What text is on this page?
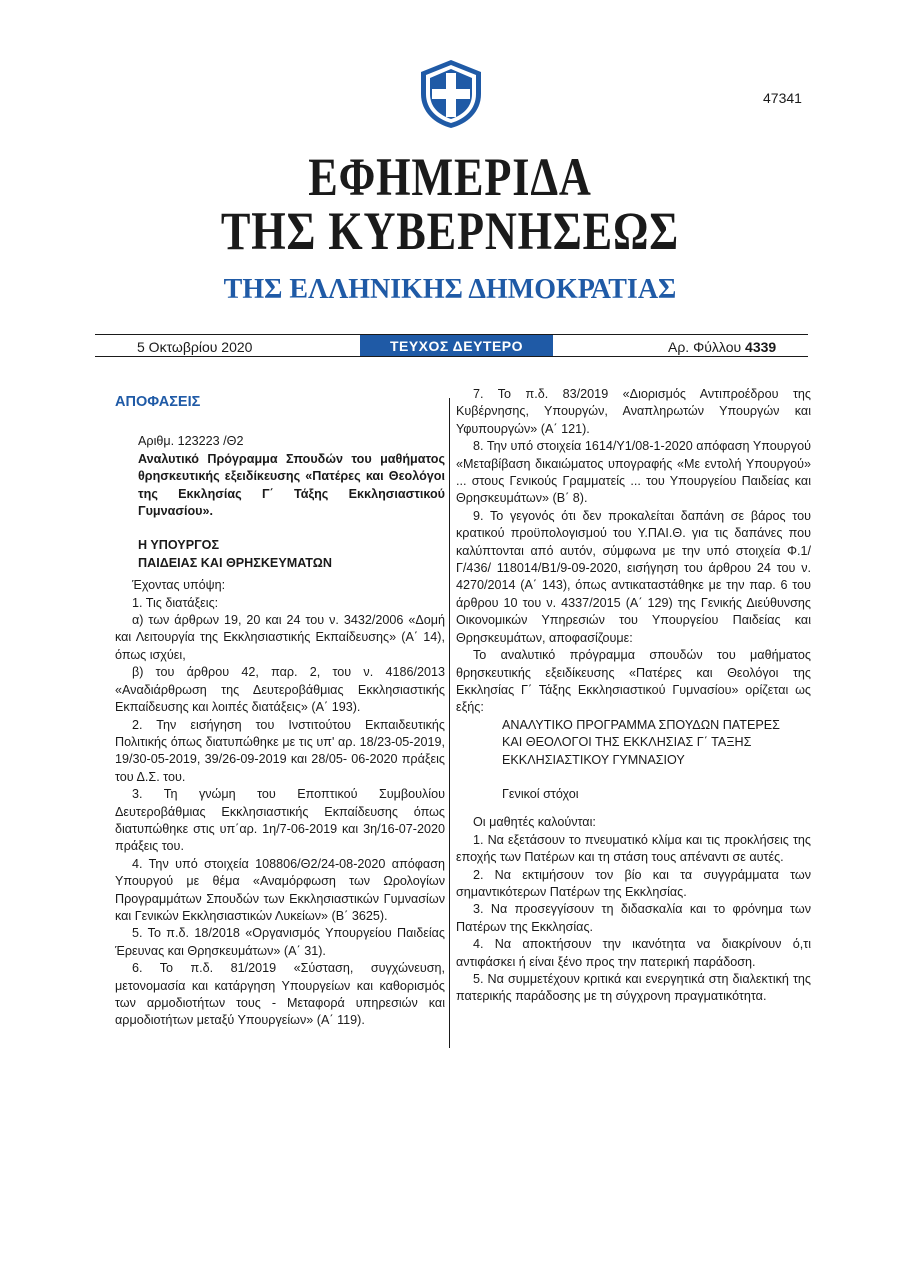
47341
ΕΦΗΜΕΡΙΔΑ
ΤΗΣ ΚΥΒΕΡΝΗΣΕΩΣ
ΤΗΣ ΕΛΛΗΝΙΚΗΣ ΔΗΜΟΚΡΑΤΙΑΣ
5 Οκτωβρίου 2020	ΤΕΥΧΟΣ ΔΕΥΤΕΡΟ	Αρ. Φύλλου 4339

ΑΠΟΦΑΣΕΙΣ

Αριθμ. 123223 /Θ2

Αναλυτικό Πρόγραμμα Σπουδών του μαθήματος θρησκευτικής εξειδίκευσης «Πατέρες και Θεολόγοι της Εκκλησίας Γ΄ Τάξης Εκκλησιαστικού Γυμνασίου».

Η ΥΠΟΥΡΓΟΣ

ΠΑΙΔΕΙΑΣ ΚΑΙ ΘΡΗΣΚΕΥΜΑΤΩΝ

Έχοντας υπόψη:

1. Τις διατάξεις:

α) των άρθρων 19, 20 και 24 του ν. 3432/2006 «Δομή και Λειτουργία της Εκκλησιαστικής Εκπαίδευσης» (Α΄ 14), όπως ισχύει,

β) του άρθρου 42, παρ. 2, του ν. 4186/2013 «Αναδιάρθρωση της Δευτεροβάθμιας Εκκλησιαστικής Εκπαίδευσης και λοιπές διατάξεις» (Α΄ 193).

2. Την εισήγηση του Ινστιτούτου Εκπαιδευτικής Πολιτικής όπως διατυπώθηκε με τις υπ' αρ. 18/23-05-2019, 19/30-05-2019, 39/26-09-2019 και 28/05- 06-2020 πράξεις του Δ.Σ. του.

3. Τη γνώμη του Εποπτικού Συμβουλίου Δευτεροβάθμιας Εκκλησιαστικής Εκπαίδευσης όπως διατυπώθηκε στις υπ΄αρ. 1η/7-06-2019 και 3η/16-07-2020 πράξεις του.

4. Την υπό στοιχεία 108806/Θ2/24-08-2020 απόφαση Υπουργού με θέμα «Αναμόρφωση των Ωρολογίων Προγραμμάτων Σπουδών των Εκκλησιαστικών Γυμνασίων και Γενικών Εκκλησιαστικών Λυκείων» (Β΄ 3625).

5. Το π.δ. 18/2018 «Οργανισμός Υπουργείου Παιδείας Έρευνας και Θρησκευμάτων» (Α΄ 31).

6. Το π.δ. 81/2019 «Σύσταση, συγχώνευση, μετονομασία και κατάργηση Υπουργείων και καθορισμός των αρμοδιοτήτων τους - Μεταφορά υπηρεσιών και αρμοδιοτήτων μεταξύ Υπουργείων» (Α΄ 119).

7. Το π.δ. 83/2019 «Διορισμός Αντιπροέδρου της Κυβέρνησης, Υπουργών, Αναπληρωτών Υπουργών και Υφυπουργών» (Α΄ 121).

8. Την υπό στοιχεία 1614/Υ1/08-1-2020 απόφαση Υπουργού «Μεταβίβαση δικαιώματος υπογραφής «Με εντολή Υπουργού» ... στους Γενικούς Γραμματείς ... του Υπουργείου Παιδείας και Θρησκευμάτων» (Β΄ 8).

9. Το γεγονός ότι δεν προκαλείται δαπάνη σε βάρος του κρατικού προϋπολογισμού του Υ.ΠΑΙ.Θ. για τις δαπάνες που καλύπτονται από αυτόν, σύμφωνα με την υπό στοιχεία Φ.1/Γ/436/ 118014/Β1/9-09-2020, εισήγηση του άρθρου 24 του ν. 4270/2014 (Α΄ 143), όπως αντικαταστάθηκε με την παρ. 6 του άρθρου 10 του ν. 4337/2015 (Α΄ 129) της Γενικής Διεύθυνσης Οικονομικών Υπηρεσιών του Υπουργείου Παιδείας και Θρησκευμάτων, αποφασίζουμε:

Το αναλυτικό πρόγραμμα σπουδών του μαθήματος θρησκευτικής εξειδίκευσης «Πατέρες και Θεολόγοι της Εκκλησίας Γ΄ Τάξης Εκκλησιαστικού Γυμνασίου» ορίζεται ως εξής:

ΑΝΑΛΥΤΙΚΟ ΠΡΟΓΡΑΜΜΑ ΣΠΟΥΔΩΝ ΠΑΤΕΡΕΣ ΚΑΙ ΘΕΟΛΟΓΟΙ ΤΗΣ ΕΚΚΛΗΣΙΑΣ Γ΄ ΤΑΞΗΣ ΕΚΚΛΗΣΙΑΣΤΙΚΟΥ ΓΥΜΝΑΣΙΟΥ

Γενικοί στόχοι

Οι μαθητές καλούνται:

1. Να εξετάσουν το πνευματικό κλίμα και τις προκλήσεις της εποχής των Πατέρων και τη στάση τους απέναντι σε αυτές.

2. Να εκτιμήσουν τον βίο και τα συγγράμματα των σημαντικότερων Πατέρων της Εκκλησίας.

3. Να προσεγγίσουν τη διδασκαλία και το φρόνημα των Πατέρων της Εκκλησίας.

4. Να αποκτήσουν την ικανότητα να διακρίνουν ό,τι αντιφάσκει ή είναι ξένο προς την πατερική παράδοση.

5. Να συμμετέχουν κριτικά και ενεργητικά στη διαλεκτική της πατερικής παράδοσης με τη σύγχρονη πραγματικότητα.
